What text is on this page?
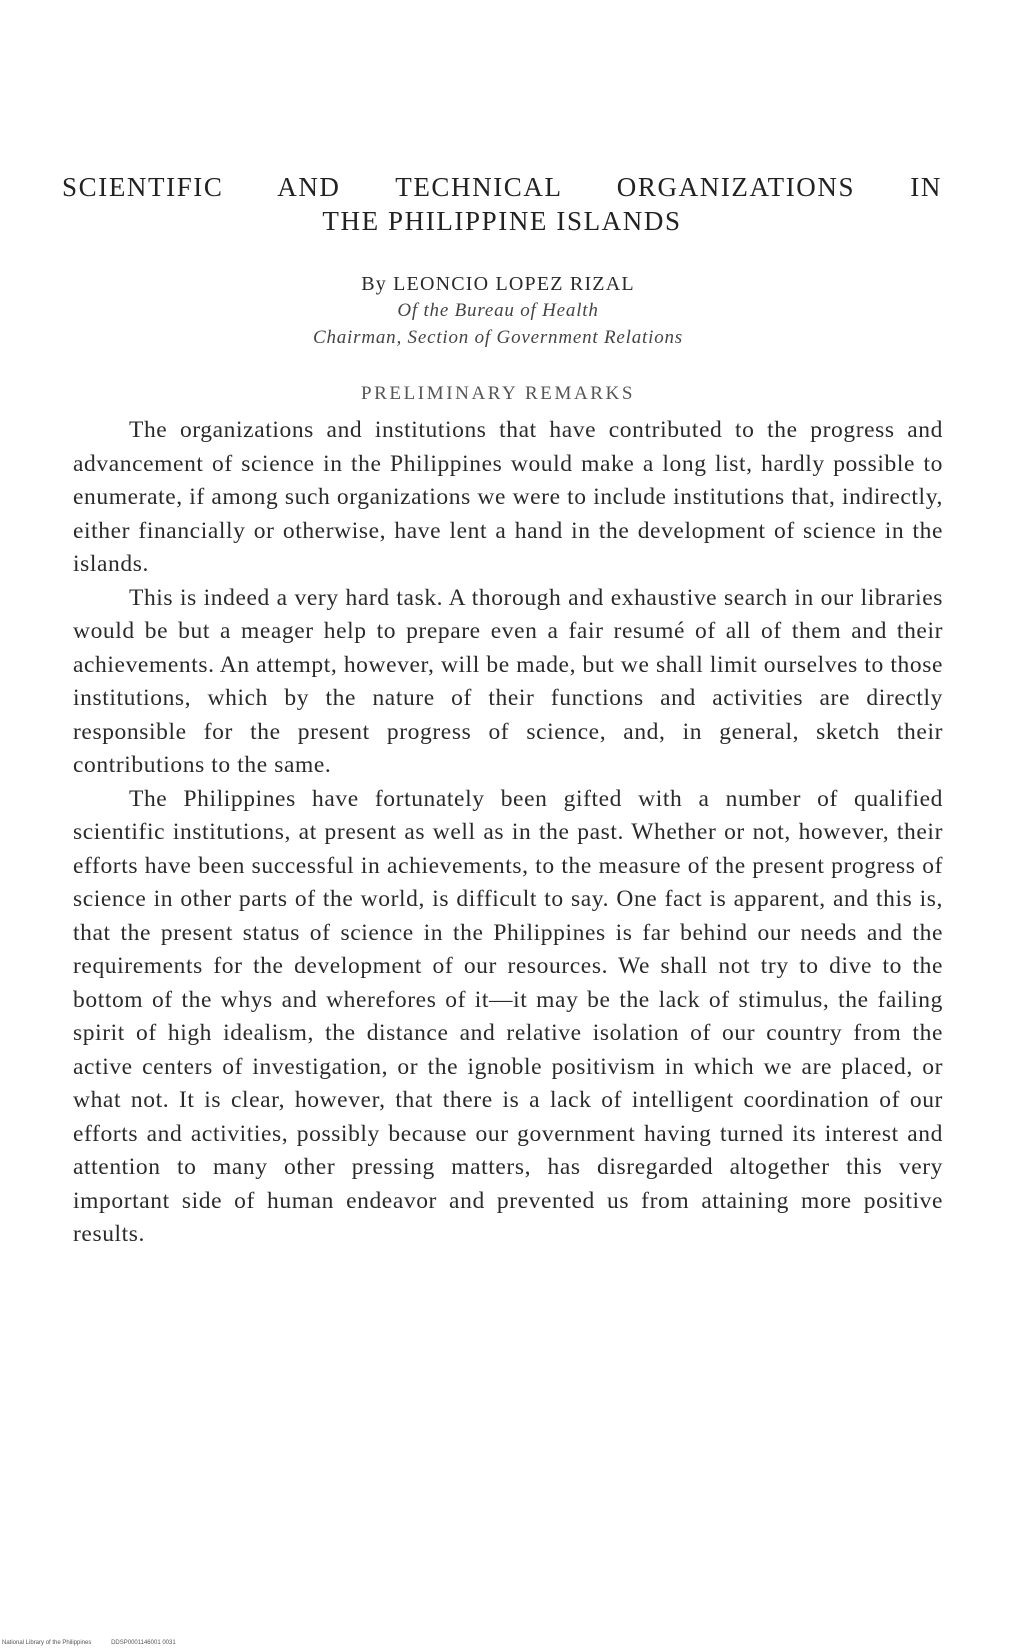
SCIENTIFIC AND TECHNICAL ORGANIZATIONS IN
THE PHILIPPINE ISLANDS
By LEONCIO LOPEZ RIZAL
Of the Bureau of Health
Chairman, Section of Government Relations
PRELIMINARY REMARKS

The organizations and institutions that have contributed to the progress and advancement of science in the Philippines would make a long list, hardly possible to enumerate, if among such organizations we were to include institutions that, indirectly, either financially or otherwise, have lent a hand in the development of science in the islands.

This is indeed a very hard task. A thorough and exhaustive search in our libraries would be but a meager help to prepare even a fair resumé of all of them and their achievements. An attempt, however, will be made, but we shall limit ourselves to those institutions, which by the nature of their functions and activities are directly responsible for the present progress of science, and, in general, sketch their contributions to the same.

The Philippines have fortunately been gifted with a number of qualified scientific institutions, at present as well as in the past. Whether or not, however, their efforts have been successful in achievements, to the measure of the present progress of science in other parts of the world, is difficult to say. One fact is apparent, and this is, that the present status of science in the Philippines is far behind our needs and the requirements for the development of our resources. We shall not try to dive to the bottom of the whys and wherefores of it—it may be the lack of stimulus, the failing spirit of high idealism, the distance and relative isolation of our country from the active centers of investigation, or the ignoble positivism in which we are placed, or what not. It is clear, however, that there is a lack of intelligent coordination of our efforts and activities, possibly because our government having turned its interest and attention to many other pressing matters, has disregarded altogether this very important side of human endeavor and prevented us from attaining more positive results.

National Library of the Philippines	DDSP0001146001 0031
